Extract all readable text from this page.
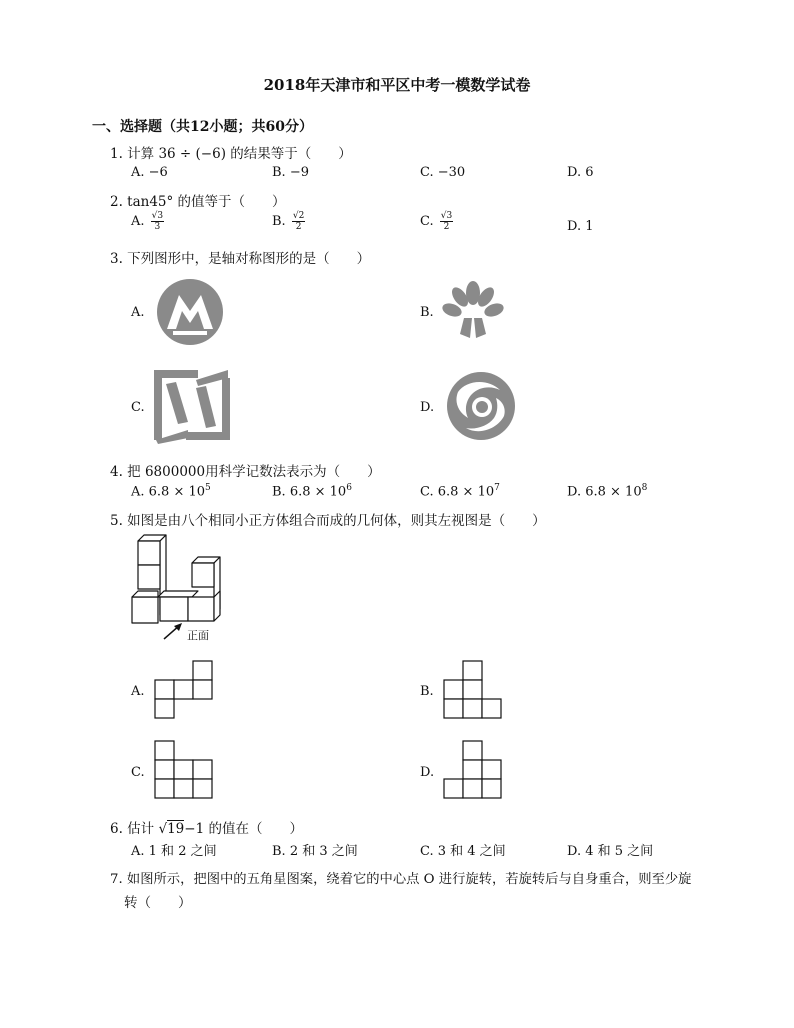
2018年天津市和平区中考一模数学试卷
一、选择题（共12小题；共60分）
1. 计算 36 ÷ (−6) 的结果等于（　　）
A. −6	B. −9	C. −30	D. 6
2. tan45° 的值等于（　　）
A. $\frac{√3}{3}$	B. $\frac{√2}{2}$	C. $\frac{√3}{2}$	D. 1
3. 下列图形中，是轴对称图形的是（　　）
A.	B.
C.	D.
4. 把 6800000用科学记数法表示为（　　）
A. $6.8 \times 10^5$	B. $6.8 \times 10^6$	C. $6.8 \times 10^7$	D. $6.8 \times 10^8$
5. 如图是由八个相同小正方体组合而成的几何体，则其左视图是（　　）
正面
A.	B.
C.	D.
6. 估计 √19−1 的值在（　　）
A. 1 和 2 之间	B. 2 和 3 之间	C. 3 和 4 之间	D. 4 和 5 之间
7. 如图所示，把图中的五角星图案，绕着它的中心点 O 进行旋转，若旋转后与自身重合，则至少旋
转（　　）
